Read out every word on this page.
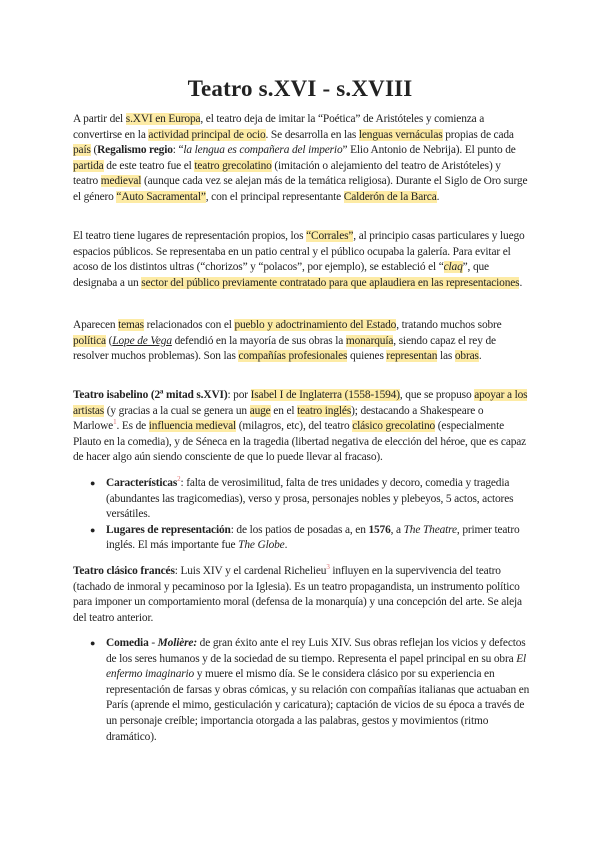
Teatro s.XVI - s.XVIII

A partir del s.XVI en Europa, el teatro deja de imitar la “Poética” de Aristóteles y comienza a convertirse en la actividad principal de ocio. Se desarrolla en las lenguas vernáculas propias de cada país (Regalismo regio: “la lengua es compañera del imperio” Elio Antonio de Nebrija). El punto de partida de este teatro fue el teatro grecolatino (imitación o alejamiento del teatro de Aristóteles) y teatro medieval (aunque cada vez se alejan más de la temática religiosa). Durante el Siglo de Oro surge el género “Auto Sacramental”, con el principal representante Calderón de la Barca.

El teatro tiene lugares de representación propios, los “Corrales”, al principio casas particulares y luego espacios públicos. Se representaba en un patio central y el público ocupaba la galería. Para evitar el acoso de los distintos ultras (“chorizos” y “polacos”, por ejemplo), se estableció el “claq”, que designaba a un sector del público previamente contratado para que aplaudiera en las representaciones.

Aparecen temas relacionados con el pueblo y adoctrinamiento del Estado, tratando muchos sobre política (Lope de Vega defendió en la mayoría de sus obras la monarquía, siendo capaz el rey de resolver muchos problemas). Son las compañías profesionales quienes representan las obras.

Teatro isabelino (2ª mitad s.XVI): por Isabel I de Inglaterra (1558-1594), que se propuso apoyar a los artistas (y gracias a la cual se genera un auge en el teatro inglés); destacando a Shakespeare o Marlowe$^1$. Es de influencia medieval (milagros, etc), del teatro clásico grecolatino (especialmente Plauto en la comedia), y de Séneca en la tragedia (libertad negativa de elección del héroe, que es capaz de hacer algo aún siendo consciente de que lo puede llevar al fracaso).

● Características$^2$: falta de verosimilitud, falta de tres unidades y decoro, comedia y tragedia (abundantes las tragicomedias), verso y prosa, personajes nobles y plebeyos, 5 actos, actores versátiles.
● Lugares de representación: de los patios de posadas a, en 1576, a The Theatre, primer teatro inglés. El más importante fue The Globe.

Teatro clásico francés: Luis XIV y el cardenal Richelieu$^3$ influyen en la supervivencia del teatro (tachado de inmoral y pecaminoso por la Iglesia). Es un teatro propagandista, un instrumento político para imponer un comportamiento moral (defensa de la monarquía) y una concepción del arte. Se aleja del teatro anterior.

● Comedia - Molière: de gran éxito ante el rey Luis XIV. Sus obras reflejan los vicios y defectos de los seres humanos y de la sociedad de su tiempo. Representa el papel principal en su obra El enfermo imaginario y muere el mismo día. Se le considera clásico por su experiencia en representación de farsas y obras cómicas, y su relación con compañías italianas que actuaban en París (aprende el mimo, gesticulación y caricatura); captación de vicios de su época a través de un personaje creíble; importancia otorgada a las palabras, gestos y movimientos (ritmo dramático).
